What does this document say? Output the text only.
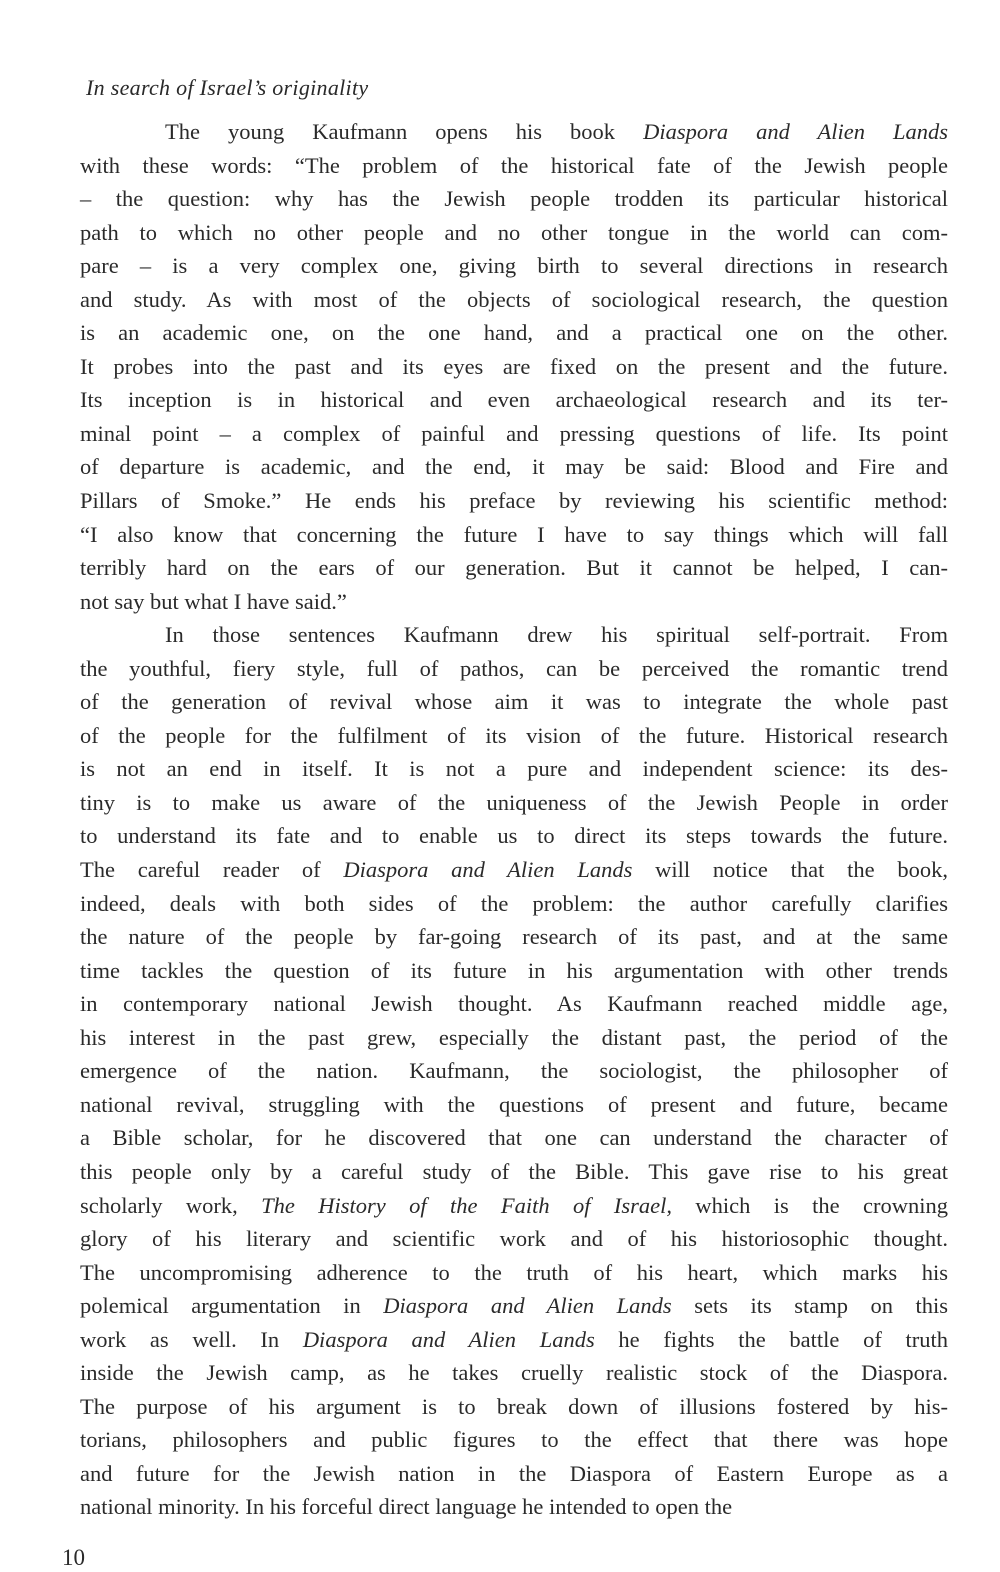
In search of Israel’s originality
The young Kaufmann opens his book Diaspora and Alien Lands
with these words: “The problem of the historical fate of the Jewish people
– the question: why has the Jewish people trodden its particular historical
path to which no other people and no other tongue in the world can com-
pare – is a very complex one, giving birth to several directions in research
and study. As with most of the objects of sociological research, the question
is an academic one, on the one hand, and a practical one on the other.
It probes into the past and its eyes are fixed on the present and the future.
Its inception is in historical and even archaeological research and its ter-
minal point – a complex of painful and pressing questions of life. Its point
of departure is academic, and the end, it may be said: Blood and Fire and
Pillars of Smoke.” He ends his preface by reviewing his scientific method:
“I also know that concerning the future I have to say things which will fall
terribly hard on the ears of our generation. But it cannot be helped, I can-
not say but what I have said.”
In those sentences Kaufmann drew his spiritual self-portrait. From
the youthful, fiery style, full of pathos, can be perceived the romantic trend
of the generation of revival whose aim it was to integrate the whole past
of the people for the fulfilment of its vision of the future. Historical research
is not an end in itself. It is not a pure and independent science: its des-
tiny is to make us aware of the uniqueness of the Jewish People in order
to understand its fate and to enable us to direct its steps towards the future.
The careful reader of Diaspora and Alien Lands will notice that the book,
indeed, deals with both sides of the problem: the author carefully clarifies
the nature of the people by far-going research of its past, and at the same
time tackles the question of its future in his argumentation with other trends
in contemporary national Jewish thought. As Kaufmann reached middle age,
his interest in the past grew, especially the distant past, the period of the
emergence of the nation. Kaufmann, the sociologist, the philosopher of
national revival, struggling with the questions of present and future, became
a Bible scholar, for he discovered that one can understand the character of
this people only by a careful study of the Bible. This gave rise to his great
scholarly work, The History of the Faith of Israel, which is the crowning
glory of his literary and scientific work and of his historiosophic thought.
The uncompromising adherence to the truth of his heart, which marks his
polemical argumentation in Diaspora and Alien Lands sets its stamp on this
work as well. In Diaspora and Alien Lands he fights the battle of truth
inside the Jewish camp, as he takes cruelly realistic stock of the Diaspora.
The purpose of his argument is to break down of illusions fostered by his-
torians, philosophers and public figures to the effect that there was hope
and future for the Jewish nation in the Diaspora of Eastern Europe as a
national minority. In his forceful direct language he intended to open the
10
